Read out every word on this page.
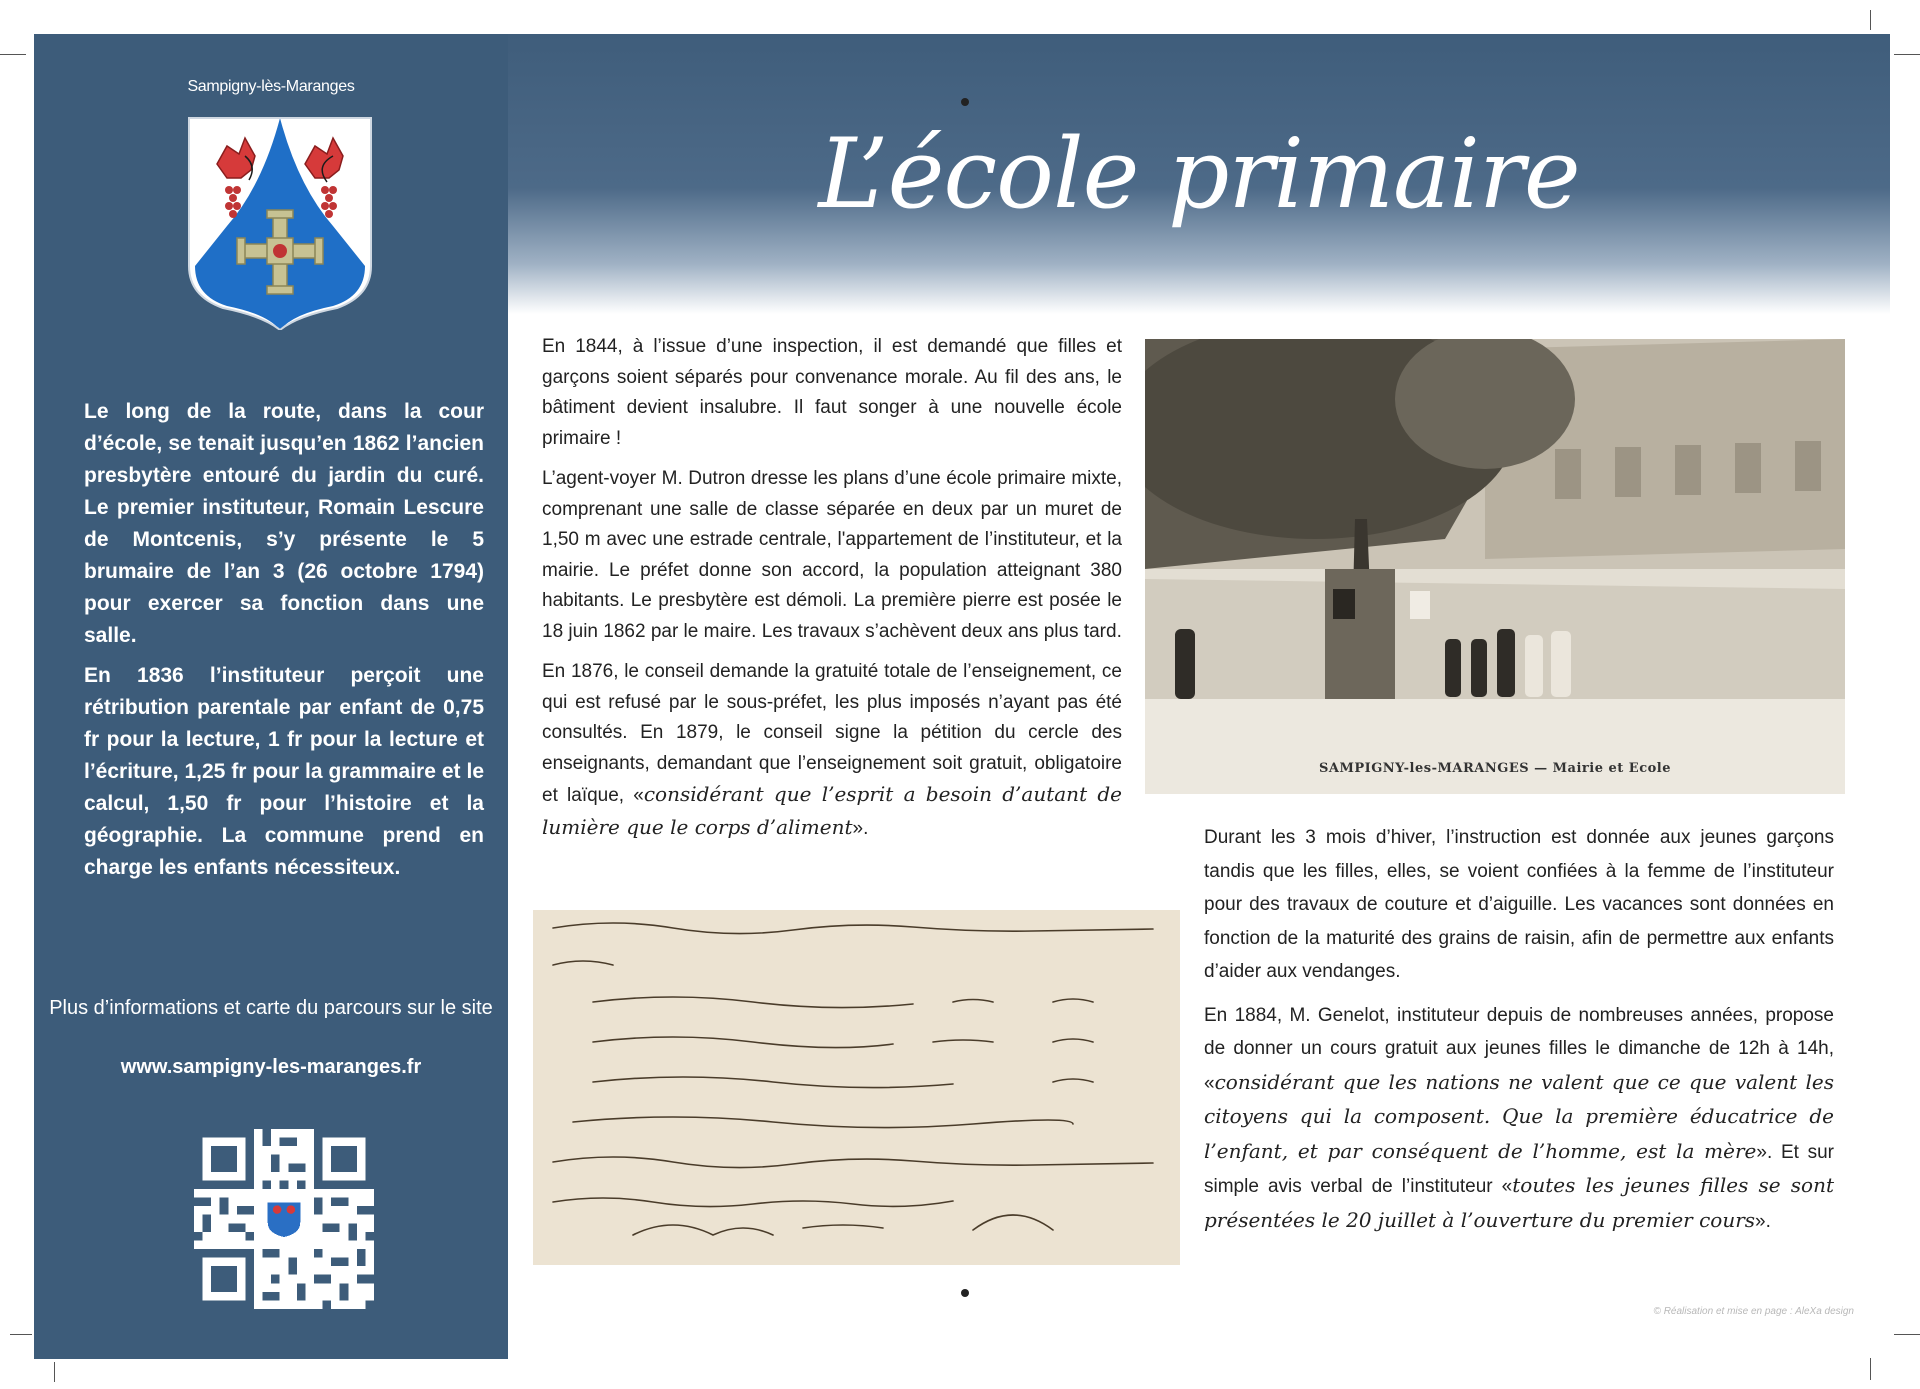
Sampigny-lès-Maranges

Le long de la route, dans la cour d’école, se tenait jusqu’en 1862 l’ancien presbytère entouré du jardin du curé. Le premier instituteur, Romain Lescure de Montcenis, s’y présente le 5 brumaire de l’an 3 (26 octobre 1794) pour exercer sa fonction dans une salle.

En 1836 l’instituteur perçoit une rétribution parentale par enfant de 0,75 fr pour la lecture, 1 fr pour la lecture et l’écriture, 1,25 fr pour la grammaire et le calcul, 1,50 fr pour l’histoire et la géographie. La commune prend en charge les enfants nécessiteux.

Plus d’informations et carte du parcours sur le site
www.sampigny-les-maranges.fr
L’école primaire

En 1844, à l’issue d’une inspection, il est demandé que filles et garçons soient séparés pour convenance morale. Au fil des ans, le bâtiment devient insalubre. Il faut songer à une nouvelle école primaire !

L’agent-voyer M. Dutron dresse les plans d’une école primaire mixte, comprenant une salle de classe séparée en deux par un muret de 1,50 m avec une estrade centrale, l'appartement de l’instituteur, et la mairie. Le préfet donne son accord, la population atteignant 380 habitants. Le presbytère est démoli. La première pierre est posée le 18 juin 1862 par le maire. Les travaux s’achèvent deux ans plus tard.

En 1876, le conseil demande la gratuité totale de l’enseignement, ce qui est refusé par le sous-préfet, les plus imposés n’ayant pas été consultés. En 1879, le conseil signe la pétition du cercle des enseignants, demandant que l’enseignement soit gratuit, obligatoire et laïque, «considérant que l’esprit a besoin d’autant de lumière que le corps d’aliment».

SAMPIGNY-les-MARANGES — Mairie et Ecole

Durant les 3 mois d’hiver, l’instruction est donnée aux jeunes garçons tandis que les filles, elles, se voient confiées à la femme de l’instituteur pour des travaux de couture et d’aiguille. Les vacances sont données en fonction de la maturité des grains de raisin, afin de permettre aux enfants d’aider aux vendanges.

En 1884, M. Genelot, instituteur depuis de nombreuses années, propose de donner un cours gratuit aux jeunes filles le dimanche de 12h à 14h, «considérant que les nations ne valent que ce que valent les citoyens qui la composent. Que la première éducatrice de l’enfant, et par conséquent de l’homme, est la mère». Et sur simple avis verbal de l’instituteur «toutes les jeunes filles se sont présentées le 20 juillet à l’ouverture du premier cours».

© Réalisation et mise en page : AleXa design
